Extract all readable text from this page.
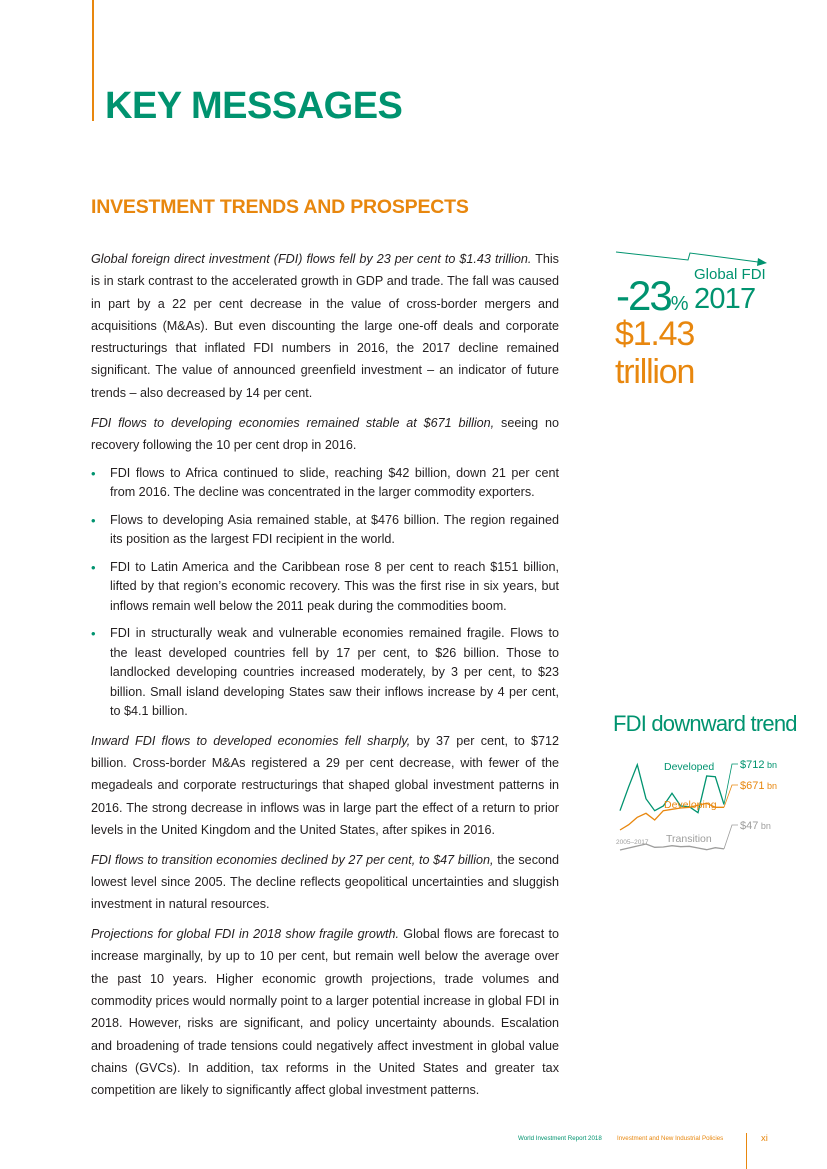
KEY MESSAGES
INVESTMENT TRENDS AND PROSPECTS

Global foreign direct investment (FDI) flows fell by 23 per cent to $1.43 trillion. This is in stark contrast to the accelerated growth in GDP and trade. The fall was caused in part by a 22 per cent decrease in the value of cross-border mergers and acquisitions (M&As). But even discounting the large one-off deals and corporate restructurings that inflated FDI numbers in 2016, the 2017 decline remained significant. The value of announced greenfield investment – an indicator of future trends – also decreased by 14 per cent.

FDI flows to developing economies remained stable at $671 billion, seeing no recovery following the 10 per cent drop in 2016.

• FDI flows to Africa continued to slide, reaching $42 billion, down 21 per cent from 2016. The decline was concentrated in the larger commodity exporters.
• Flows to developing Asia remained stable, at $476 billion. The region regained its position as the largest FDI recipient in the world.
• FDI to Latin America and the Caribbean rose 8 per cent to reach $151 billion, lifted by that region’s economic recovery. This was the first rise in six years, but inflows remain well below the 2011 peak during the commodities boom.
• FDI in structurally weak and vulnerable economies remained fragile. Flows to the least developed countries fell by 17 per cent, to $26 billion. Those to landlocked developing countries increased moderately, by 3 per cent, to $23 billion. Small island developing States saw their inflows increase by 4 per cent, to $4.1 billion.

Inward FDI flows to developed economies fell sharply, by 37 per cent, to $712 billion. Cross-border M&As registered a 29 per cent decrease, with fewer of the megadeals and corporate restructurings that shaped global investment patterns in 2016. The strong decrease in inflows was in large part the effect of a return to prior levels in the United Kingdom and the United States, after spikes in 2016.

FDI flows to transition economies declined by 27 per cent, to $47 billion, the second lowest level since 2005. The decline reflects geopolitical uncertainties and sluggish investment in natural resources.

Projections for global FDI in 2018 show fragile growth. Global flows are forecast to increase marginally, by up to 10 per cent, but remain well below the average over the past 10 years. Higher economic growth projections, trade volumes and commodity prices would normally point to a larger potential increase in global FDI in 2018. However, risks are significant, and policy uncertainty abounds. Escalation and broadening of trade tensions could negatively affect investment in global value chains (GVCs). In addition, tax reforms in the United States and greater tax competition are likely to significantly affect global investment patterns.

-23%
Global FDI
2017
$1.43 trillion
FDI downward trend
$712 bn
Developed
$671 bn
Developing
$47 bn
Transition
2005–2017
World Investment Report 2018 Investment and New Industrial Policies	xi
